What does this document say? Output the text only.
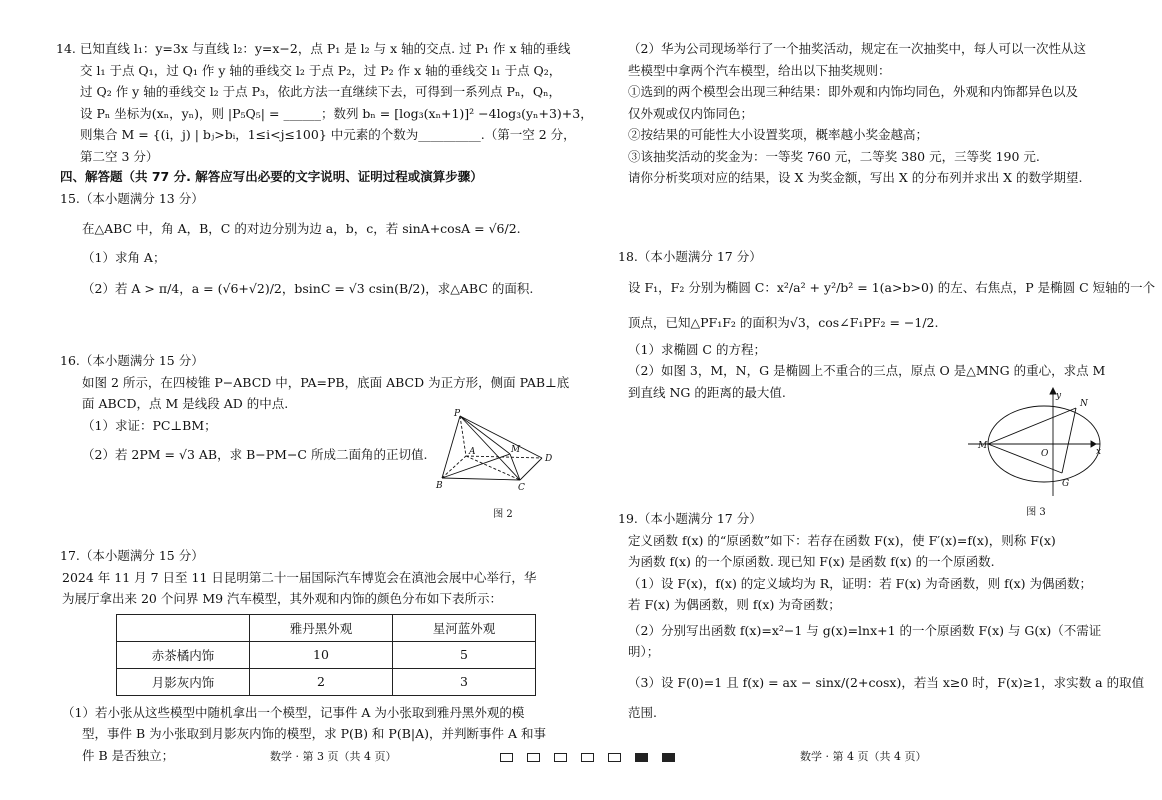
14. 已知直线 l₁：y=3x 与直线 l₂：y=x−2，点 P₁ 是 l₂ 与 x 轴的交点. 过 P₁ 作 x 轴的垂线
交 l₁ 于点 Q₁，过 Q₁ 作 y 轴的垂线交 l₂ 于点 P₂，过 P₂ 作 x 轴的垂线交 l₁ 于点 Q₂，
过 Q₂ 作 y 轴的垂线交 l₂ 于点 P₃，依此方法一直继续下去，可得到一系列点 Pₙ，Qₙ，
设 Pₙ 坐标为(xₙ，yₙ)，则 |P₅Q₅| = ______；数列 bₙ = [log₃(xₙ+1)]² −4log₃(yₙ+3)+3，
则集合 M = {(i，j) | bⱼ>bᵢ，1≤i<j≤100} 中元素的个数为__________.（第一空 2 分，
第二空 3 分）
四、解答题（共 77 分. 解答应写出必要的文字说明、证明过程或演算步骤）
15.（本小题满分 13 分）
在△ABC 中，角 A，B，C 的对边分别为边 a，b，c，若 sinA+cosA = √6/2.
（1）求角 A；
（2）若 A > π/4，a = (√6+√2)/2，bsinC = √3 csin(B/2)，求△ABC 的面积.
16.（本小题满分 15 分）
如图 2 所示，在四棱锥 P−ABCD 中，PA=PB，底面 ABCD 为正方形，侧面 PAB⊥底
面 ABCD，点 M 是线段 AD 的中点.
（1）求证：PC⊥BM；
（2）若 2PM = √3 AB，求 B−PM−C 所成二面角的正切值.
P
A	M
D
B	C
图 2
17.（本小题满分 15 分）
2024 年 11 月 7 日至 11 日昆明第二十一届国际汽车博览会在滇池会展中心举行，华
为展厅拿出来 20 个问界 M9 汽车模型，其外观和内饰的颜色分布如下表所示：
	雅丹黑外观	星河蓝外观
赤茶橘内饰	10	5
月影灰内饰	2	3
（1）若小张从这些模型中随机拿出一个模型，记事件 A 为小张取到雅丹黑外观的模
型，事件 B 为小张取到月影灰内饰的模型，求 P(B) 和 P(B|A)，并判断事件 A 和事
件 B 是否独立；
（2）华为公司现场举行了一个抽奖活动，规定在一次抽奖中，每人可以一次性从这
些模型中拿两个汽车模型，给出以下抽奖规则：
①选到的两个模型会出现三种结果：即外观和内饰均同色，外观和内饰都异色以及
仅外观或仅内饰同色；
②按结果的可能性大小设置奖项，概率越小奖金越高；
③该抽奖活动的奖金为：一等奖 760 元，二等奖 380 元，三等奖 190 元.
请你分析奖项对应的结果，设 X 为奖金额，写出 X 的分布列并求出 X 的数学期望.
18.（本小题满分 17 分）
设 F₁，F₂ 分别为椭圆 C：x²/a² + y²/b² = 1(a>b>0) 的左、右焦点，P 是椭圆 C 短轴的一个
顶点，已知△PF₁F₂ 的面积为√3，cos∠F₁PF₂ = −1/2.
（1）求椭圆 C 的方程；
（2）如图 3，M，N，G 是椭圆上不重合的三点，原点 O 是△MNG 的重心，求点 M
到直线 NG 的距离的最大值.	y
N
M
O	x
G
图 3
19.（本小题满分 17 分）
定义函数 f(x) 的“原函数”如下：若存在函数 F(x)，使 F′(x)=f(x)，则称 F(x)
为函数 f(x) 的一个原函数. 现已知 F(x) 是函数 f(x) 的一个原函数.
（1）设 F(x)，f(x) 的定义域均为 R，证明：若 F(x) 为奇函数，则 f(x) 为偶函数；
若 F(x) 为偶函数，则 f(x) 为奇函数；
（2）分别写出函数 f(x)=x²−1 与 g(x)=lnx+1 的一个原函数 F(x) 与 G(x)（不需证
明）；
（3）设 F(0)=1 且 f(x) = ax − sinx/(2+cosx)，若当 x≥0 时，F(x)≥1，求实数 a 的取值
范围.
数学 · 第 3 页（共 4 页）	数学 · 第 4 页（共 4 页）
